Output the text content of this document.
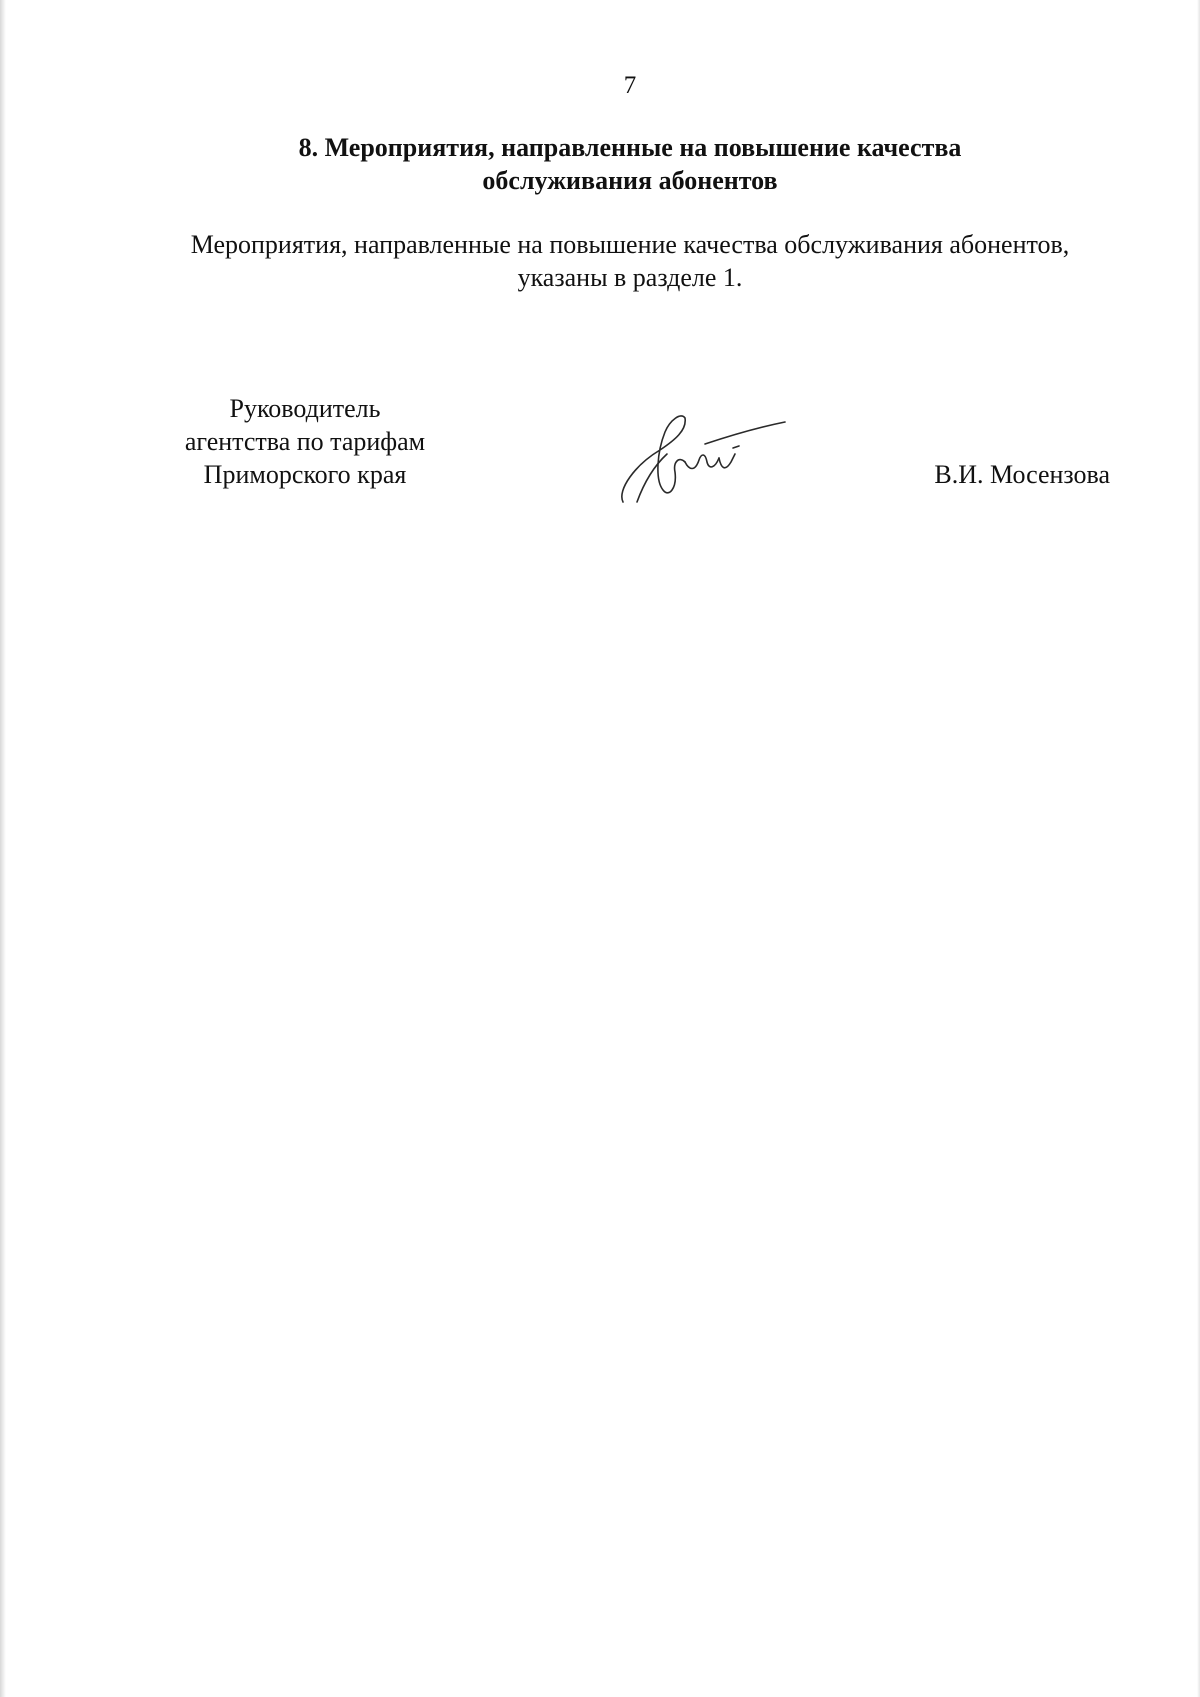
7
8. Мероприятия, направленные на повышение качества
обслуживания абонентов
Мероприятия, направленные на повышение качества обслуживания абонентов,
указаны в разделе 1.
Руководитель
агентства по тарифам
Приморского края	В.И. Мосензова
